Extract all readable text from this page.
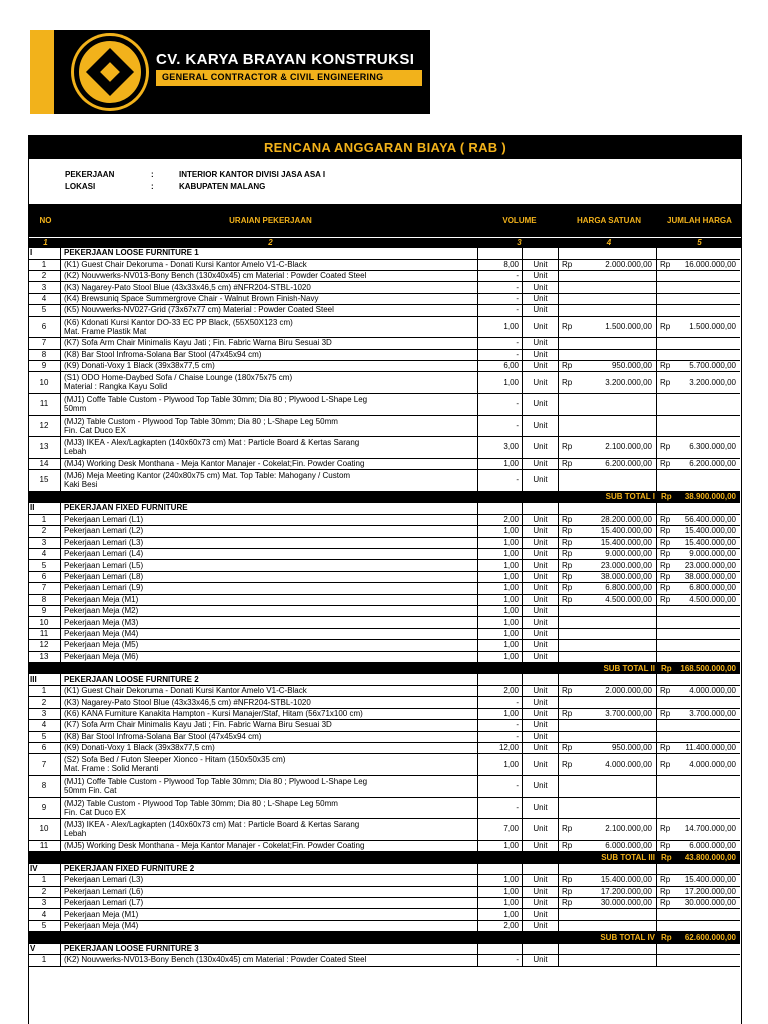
CV. KARYA BRAYAN KONSTRUKSI
GENERAL CONTRACTOR & CIVIL ENGINEERING
RENCANA ANGGARAN BIAYA ( RAB )
PEKERJAAN	:	INTERIOR KANTOR DIVISI JASA ASA I
LOKASI	:	KABUPATEN MALANG
NO	URAIAN PEKERJAAN	VOLUME	HARGA SATUAN	JUMLAH HARGA
1	2	3	4	5
I	PEKERJAAN LOOSE FURNITURE 1
1	(K1) Guest Chair Dekoruma - Donati Kursi Kantor Amelo V1-C-Black	8,00	Unit	Rp	2.000.000,00 Rp	16.000.000,00
2	(K2) Nouvwerks-NV013-Bony Bench (130x40x45) cm Material : Powder Coated Steel	-	Unit
3	(K3) Nagarey-Pato Stool Blue (43x33x46,5 cm) #NFR204-STBL-1020	-	Unit
4	(K4) Brewsuniq Space Summergrove Chair - Walnut Brown Finish-Navy	-	Unit
5	(K5) Nouvwerks-NV027-Grid (73x67x77 cm) Material : Powder Coated Steel	-	Unit
6	(K6) Kdonati Kursi Kantor DO-33 EC PP Black, (55X50X123 cm)
Mat. Frame Plastik Mat
1,00	Unit	Rp	1.500.000,00 Rp	1.500.000,00
7	(K7) Sofa Arm Chair Minimalis Kayu Jati ; Fin. Fabric Warna Biru Sesuai 3D	-	Unit
8	(K8) Bar Stool Infroma-Solana Bar Stool (47x45x94 cm)	-	Unit
9	(K9) Donati-Voxy 1 Black (39x38x77,5 cm)	6,00	Unit	Rp	950.000,00 Rp	5.700.000,00
10	(S1) ODO Home-Daybed Sofa / Chaise Lounge (180x75x75 cm)
Material : Rangka Kayu Solid
1,00	Unit	Rp	3.200.000,00 Rp	3.200.000,00
11	(MJ1) Coffe Table Custom - Plywood Top Table 30mm; Dia 80 ; Plywood L-Shape Leg
50mm
-	Unit
12	(MJ2) Table Custom - Plywood Top Table 30mm; Dia 80 ; L-Shape Leg 50mm
Fin. Cat Duco EX
-	Unit
13	(MJ3) IKEA - Alex/Lagkapten (140x60x73 cm) Mat : Particle Board & Kertas Sarang
Lebah
3,00	Unit	Rp	2.100.000,00 Rp	6.300.000,00
14	(MJ4) Working Desk Monthana - Meja Kantor Manajer - Cokelat;Fin. Powder Coating	1,00	Unit	Rp	6.200.000,00 Rp	6.200.000,00
15	(MJ6) Meja Meeting Kantor (240x80x75 cm) Mat. Top Table: Mahogany / Custom
Kaki Besi
-	Unit
SUB TOTAL I Rp 38.900.000,00
II	PEKERJAAN FIXED FURNITURE
1	Pekerjaan Lemari (L1)	2,00	Unit	Rp	28.200.000,00 Rp	56.400.000,00
2	Pekerjaan Lemari (L2)	1,00	Unit	Rp	15.400.000,00 Rp	15.400.000,00
3	Pekerjaan Lemari (L3)	1,00	Unit	Rp	15.400.000,00 Rp	15.400.000,00
4	Pekerjaan Lemari (L4)	1,00	Unit	Rp	9.000.000,00 Rp	9.000.000,00
5	Pekerjaan Lemari (L5)	1,00	Unit	Rp	23.000.000,00 Rp	23.000.000,00
6	Pekerjaan Lemari (L8)	1,00	Unit	Rp	38.000.000,00 Rp	38.000.000,00
7	Pekerjaan Lemari (L9)	1,00	Unit	Rp	6.800.000,00 Rp	6.800.000,00
8	Pekerjaan Meja (M1)	1,00	Unit	Rp	4.500.000,00 Rp	4.500.000,00
9	Pekerjaan Meja (M2)	1,00	Unit
10	Pekerjaan Meja (M3)	1,00	Unit
11	Pekerjaan Meja (M4)	1,00	Unit
12	Pekerjaan Meja (M5)	1,00	Unit
13	Pekerjaan Meja (M6)	1,00	Unit
SUB TOTAL II Rp 168.500.000,00
III	PEKERJAAN LOOSE FURNITURE 2
1	(K1) Guest Chair Dekoruma - Donati Kursi Kantor Amelo V1-C-Black	2,00	Unit	Rp	2.000.000,00 Rp	4.000.000,00
2	(K3) Nagarey-Pato Stool Blue (43x33x46,5 cm) #NFR204-STBL-1020	-	Unit
3	(K6) KANA Furniture Kanakita Hampton - Kursi Manajer/Staf, Hitam (56x71x100 cm)	1,00	Unit	Rp	3.700.000,00 Rp	3.700.000,00
4	(K7) Sofa Arm Chair Minimalis Kayu Jati ; Fin. Fabric Warna Biru Sesuai 3D	-	Unit
5	(K8) Bar Stool Infroma-Solana Bar Stool (47x45x94 cm)	-	Unit
6	(K9) Donati-Voxy 1 Black (39x38x77,5 cm)	12,00	Unit	Rp	950.000,00 Rp	11.400.000,00
7	(S2) Sofa Bed / Futon Sleeper Xionco - Hitam (150x50x35 cm)
Mat. Frame : Solid Meranti
1,00	Unit	Rp	4.000.000,00 Rp	4.000.000,00
8	(MJ1) Coffe Table Custom - Plywood Top Table 30mm; Dia 80 ; Plywood L-Shape Leg
50mm Fin. Cat
-	Unit
9	(MJ2) Table Custom - Plywood Top Table 30mm; Dia 80 ; L-Shape Leg 50mm
Fin. Cat Duco EX
-	Unit
10	(MJ3) IKEA - Alex/Lagkapten (140x60x73 cm) Mat : Particle Board & Kertas Sarang
Lebah
7,00	Unit	Rp	2.100.000,00 Rp	14.700.000,00
11	(MJ5) Working Desk Monthana - Meja Kantor Manajer - Cokelat;Fin. Powder Coating	1,00	Unit	Rp	6.000.000,00 Rp	6.000.000,00
SUB TOTAL III Rp 43.800.000,00
IV	PEKERJAAN FIXED FURNITURE 2
1	Pekerjaan Lemari (L3)	1,00	Unit	Rp	15.400.000,00 Rp	15.400.000,00
2	Pekerjaan Lemari (L6)	1,00	Unit	Rp	17.200.000,00 Rp	17.200.000,00
3	Pekerjaan Lemari (L7)	1,00	Unit	Rp	30.000.000,00 Rp	30.000.000,00
4	Pekerjaan Meja (M1)	1,00	Unit
5	Pekerjaan Meja (M4)	2,00	Unit
SUB TOTAL IV Rp 62.600.000,00
V	PEKERJAAN LOOSE FURNITURE 3
1	(K2) Nouvwerks-NV013-Bony Bench (130x40x45) cm Material : Powder Coated Steel	-	Unit
